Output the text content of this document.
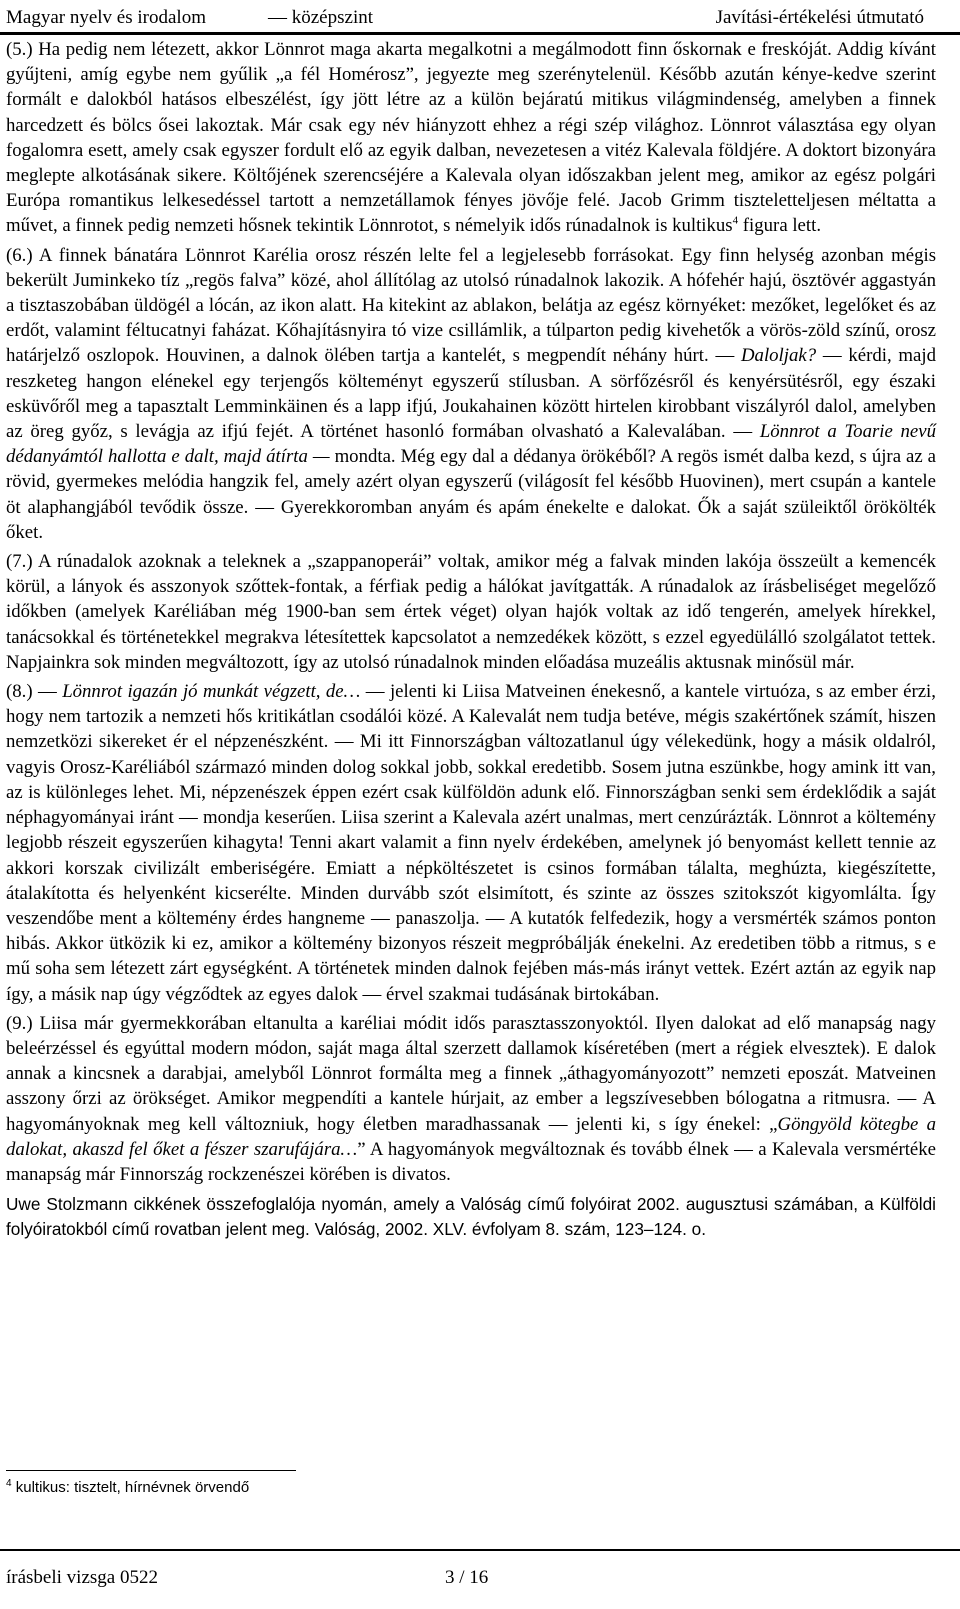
Magyar nyelv és irodalom	— középszint	Javítási-értékelési útmutató

(5.) Ha pedig nem létezett, akkor Lönnrot maga akarta megalkotni a megálmodott finn őskornak e freskóját. Addig kívánt gyűjteni, amíg egybe nem gyűlik „a fél Homérosz”, jegyezte meg szerénytelenül. Később azután kénye-kedve szerint formált e dalokból hatásos elbeszélést, így jött létre az a külön bejáratú mitikus világmindenség, amelyben a finnek harcedzett és bölcs ősei lakoztak. Már csak egy név hiányzott ehhez a régi szép világhoz. Lönnrot választása egy olyan fogalomra esett, amely csak egyszer fordult elő az egyik dalban, nevezetesen a vitéz Kalevala földjére. A doktort bizonyára meglepte alkotásának sikere. Költőjének szerencséjére a Kalevala olyan időszakban jelent meg, amikor az egész polgári Európa romantikus lelkesedéssel tartott a nemzetállamok fényes jövője felé. Jacob Grimm tiszteletteljesen méltatta a művet, a finnek pedig nemzeti hősnek tekintik Lönnrotot, s némelyik idős rúnadalnok is kultikus$^4$ figura lett.

(6.) A finnek bánatára Lönnrot Karélia orosz részén lelte fel a legjelesebb forrásokat. Egy finn helység azonban mégis bekerült Juminkeko tíz „regös falva” közé, ahol állítólag az utolsó rúnadalnok lakozik. A hófehér hajú, ösztövér aggastyán a tisztaszobában üldögél a lócán, az ikon alatt. Ha kitekint az ablakon, belátja az egész környéket: mezőket, legelőket és az erdőt, valamint féltucatnyi faházat. Kőhajításnyira tó vize csillámlik, a túlparton pedig kivehetők a vörös-zöld színű, orosz határjelző oszlopok. Houvinen, a dalnok ölében tartja a kantelét, s megpendít néhány húrt. — Daloljak? — kérdi, majd reszketeg hangon elénekel egy terjengős költeményt egyszerű stílusban. A sörfőzésről és kenyérsütésről, egy északi esküvőről meg a tapasztalt Lemminkäinen és a lapp ifjú, Joukahainen között hirtelen kirobbant viszályról dalol, amelyben az öreg győz, s levágja az ifjú fejét. A történet hasonló formában olvasható a Kalevalában. — Lönnrot a Toarie nevű dédanyámtól hallotta e dalt, majd átírta — mondta. Még egy dal a dédanya örökéből? A regös ismét dalba kezd, s újra az a rövid, gyermekes melódia hangzik fel, amely azért olyan egyszerű (világosít fel később Huovinen), mert csupán a kantele öt alaphangjából tevődik össze. — Gyerekkoromban anyám és apám énekelte e dalokat. Ők a saját szüleiktől örökölték őket.

(7.) A rúnadalok azoknak a teleknek a „szappanoperái” voltak, amikor még a falvak minden lakója összeült a kemencék körül, a lányok és asszonyok szőttek-fontak, a férfiak pedig a hálókat javítgatták. A rúnadalok az írásbeliséget megelőző időkben (amelyek Karéliában még 1900-ban sem értek véget) olyan hajók voltak az idő tengerén, amelyek hírekkel, tanácsokkal és történetekkel megrakva létesítettek kapcsolatot a nemzedékek között, s ezzel egyedülálló szolgálatot tettek. Napjainkra sok minden megváltozott, így az utolsó rúnadalnok minden előadása muzeális aktusnak minősül már.

(8.) — Lönnrot igazán jó munkát végzett, de… — jelenti ki Liisa Matveinen énekesnő, a kantele virtuóza, s az ember érzi, hogy nem tartozik a nemzeti hős kritikátlan csodálói közé. A Kalevalát nem tudja betéve, mégis szakértőnek számít, hiszen nemzetközi sikereket ér el népzenészként. — Mi itt Finnországban változatlanul úgy vélekedünk, hogy a másik oldalról, vagyis Orosz-Karéliából származó minden dolog sokkal jobb, sokkal eredetibb. Sosem jutna eszünkbe, hogy amink itt van, az is különleges lehet. Mi, népzenészek éppen ezért csak külföldön adunk elő. Finnországban senki sem érdeklődik a saját néphagyományai iránt — mondja keserűen. Liisa szerint a Kalevala azért unalmas, mert cenzúrázták. Lönnrot a költemény legjobb részeit egyszerűen kihagyta! Tenni akart valamit a finn nyelv érdekében, amelynek jó benyomást kellett tennie az akkori korszak civilizált emberiségére. Emiatt a népköltészetet is csinos formában tálalta, meghúzta, kiegészítette, átalakította és helyenként kicserélte. Minden durvább szót elsimított, és szinte az összes szitokszót kigyomlálta. Így veszendőbe ment a költemény érdes hangneme — panaszolja. — A kutatók felfedezik, hogy a versmérték számos ponton hibás. Akkor ütközik ki ez, amikor a költemény bizonyos részeit megpróbálják énekelni. Az eredetiben több a ritmus, s e mű soha sem létezett zárt egységként. A történetek minden dalnok fejében más-más irányt vettek. Ezért aztán az egyik nap így, a másik nap úgy végződtek az egyes dalok — érvel szakmai tudásának birtokában.

(9.) Liisa már gyermekkorában eltanulta a karéliai módit idős parasztasszonyoktól. Ilyen dalokat ad elő manapság nagy beleérzéssel és egyúttal modern módon, saját maga által szerzett dallamok kíséretében (mert a régiek elvesztek). E dalok annak a kincsnek a darabjai, amelyből Lönnrot formálta meg a finnek „áthagyományozott” nemzeti eposzát. Matveinen asszony őrzi az örökséget. Amikor megpendíti a kantele húrjait, az ember a legszívesebben bólogatna a ritmusra. — A hagyományoknak meg kell változniuk, hogy életben maradhassanak — jelenti ki, s így énekel: „Göngyöld kötegbe a dalokat, akaszd fel őket a fészer szarufájára…” A hagyományok megváltoznak és tovább élnek — a Kalevala versmértéke manapság már Finnország rockzenészei körében is divatos.

Uwe Stolzmann cikkének összefoglalója nyomán, amely a Valóság című folyóirat 2002. augusztusi számában, a Külföldi folyóiratokból című rovatban jelent meg. Valóság, 2002. XLV. évfolyam 8. szám, 123–124. o.

$^4$ kultikus: tisztelt, hírnévnek örvendő
írásbeli vizsga 0522	3 / 16
